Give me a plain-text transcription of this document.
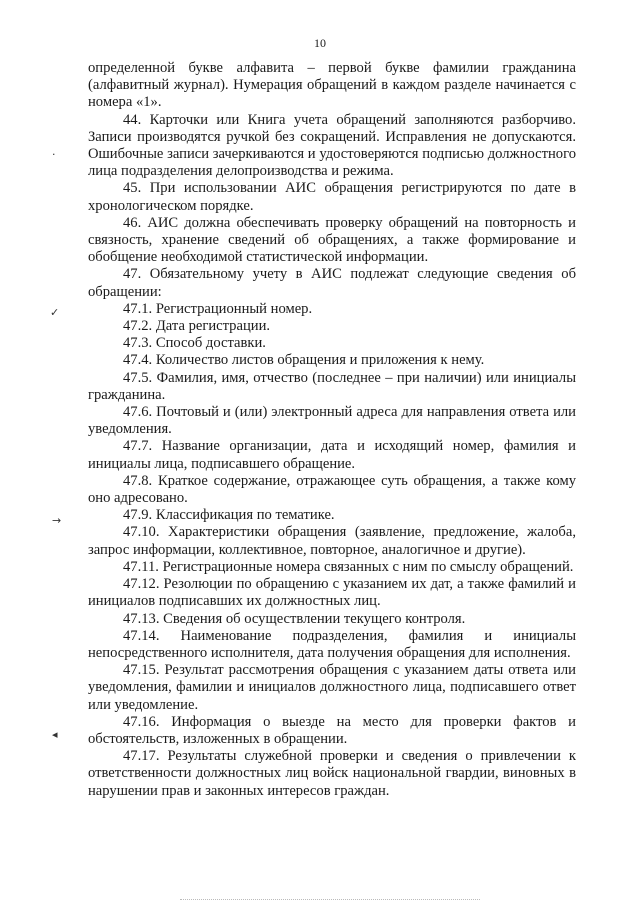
10
·
✓
→
◂

определенной букве алфавита – первой букве фамилии гражданина (алфавитный журнал). Нумерация обращений в каждом разделе начинается с номера «1».

44. Карточки или Книга учета обращений заполняются разборчиво. Записи производятся ручкой без сокращений. Исправления не допускаются. Ошибочные записи зачеркиваются и удостоверяются подписью должностного лица подразделения делопроизводства и режима.

45. При использовании АИС обращения регистрируются по дате в хронологическом порядке.

46. АИС должна обеспечивать проверку обращений на повторность и связность, хранение сведений об обращениях, а также формирование и обобщение необходимой статистической информации.

47. Обязательному учету в АИС подлежат следующие сведения об обращении:

47.1. Регистрационный номер.

47.2. Дата регистрации.

47.3. Способ доставки.

47.4. Количество листов обращения и приложения к нему.

47.5. Фамилия, имя, отчество (последнее – при наличии) или инициалы гражданина.

47.6. Почтовый и (или) электронный адреса для направления ответа или уведомления.

47.7. Название организации, дата и исходящий номер, фамилия и инициалы лица, подписавшего обращение.

47.8. Краткое содержание, отражающее суть обращения, а также кому оно адресовано.

47.9. Классификация по тематике.

47.10. Характеристики обращения (заявление, предложение, жалоба, запрос информации, коллективное, повторное, аналогичное и другие).

47.11. Регистрационные номера связанных с ним по смыслу обращений.

47.12. Резолюции по обращению с указанием их дат, а также фамилий и инициалов подписавших их должностных лиц.

47.13. Сведения об осуществлении текущего контроля.

47.14. Наименование подразделения, фамилия и инициалы непосредственного исполнителя, дата получения обращения для исполнения.

47.15. Результат рассмотрения обращения с указанием даты ответа или уведомления, фамилии и инициалов должностного лица, подписавшего ответ или уведомление.

47.16. Информация о выезде на место для проверки фактов и обстоятельств, изложенных в обращении.

47.17. Результаты служебной проверки и сведения о привлечении к ответственности должностных лиц войск национальной гвардии, виновных в нарушении прав и законных интересов граждан.
